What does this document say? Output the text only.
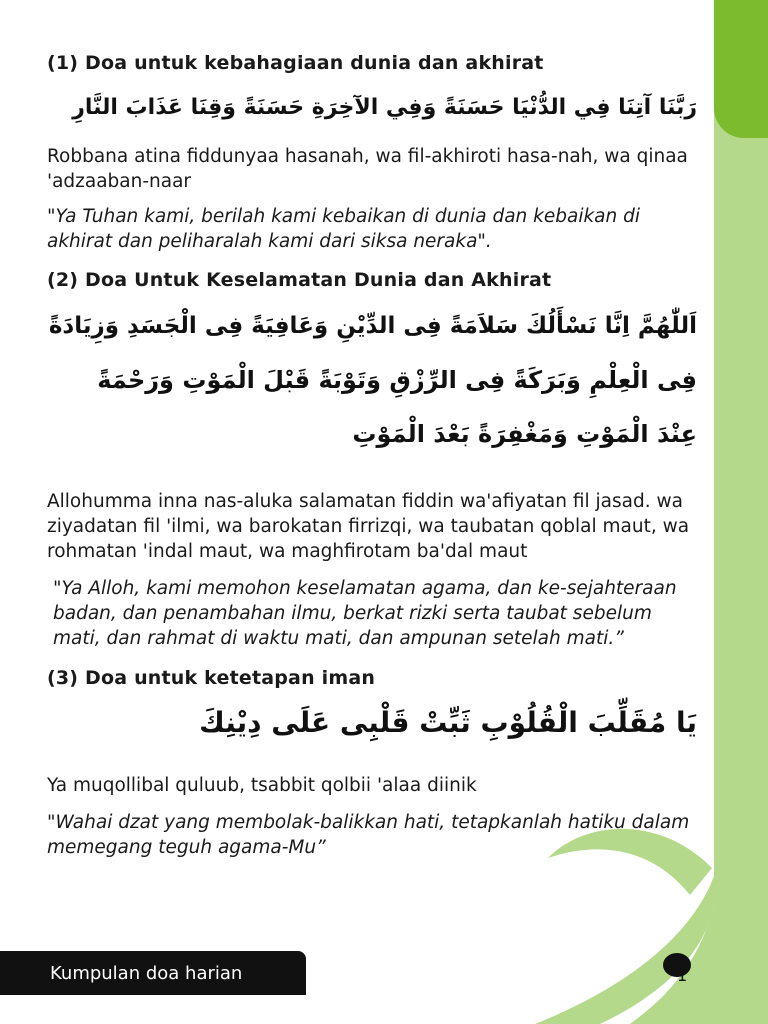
(1) Doa untuk kebahagiaan dunia dan akhirat

رَبَّنَا آتِنَا فِي الدُّنْيَا حَسَنَةً وَفِي الآخِرَةِ حَسَنَةً وَقِنَا عَذَابَ النَّارِ

Robbana atina fiddunyaa hasanah, wa fil-akhiroti hasa-nah, wa qinaa 'adzaaban-naar

"Ya Tuhan kami, berilah kami kebaikan di dunia dan kebaikan di akhirat dan peliharalah kami dari siksa neraka".

(2) Doa Untuk Keselamatan Dunia dan Akhirat

اَللّٰهُمَّ اِنَّا نَسْأَلُكَ سَلاَمَةً فِى الدِّيْنِ وَعَافِيَةً فِى الْجَسَدِ وَزِيَادَةً

فِى الْعِلْمِ وَبَرَكَةً فِى الرِّزْقِ وَتَوْبَةً قَبْلَ الْمَوْتِ وَرَحْمَةً

عِنْدَ الْمَوْتِ وَمَغْفِرَةً بَعْدَ الْمَوْتِ

Allohumma inna nas-aluka salamatan fiddin wa'afiyatan fil jasad. wa ziyadatan fil 'ilmi, wa barokatan firrizqi, wa taubatan qoblal maut, wa rohmatan 'indal maut, wa maghfirotam ba'dal maut

"Ya Alloh, kami memohon keselamatan agama, dan ke-sejahteraan badan, dan penambahan ilmu, berkat rizki serta taubat sebelum mati, dan rahmat di waktu mati, dan ampunan setelah mati.”

(3) Doa untuk ketetapan iman

يَا مُقَلِّبَ الْقُلُوْبِ ثَبِّتْ قَلْبِى عَلَى دِيْنِكَ

Ya muqollibal quluub, tsabbit qolbii 'alaa diinik

"Wahai dzat yang membolak-balikkan hati, tetapkanlah hatiku dalam memegang teguh agama-Mu”

Kumpulan doa harian	1
